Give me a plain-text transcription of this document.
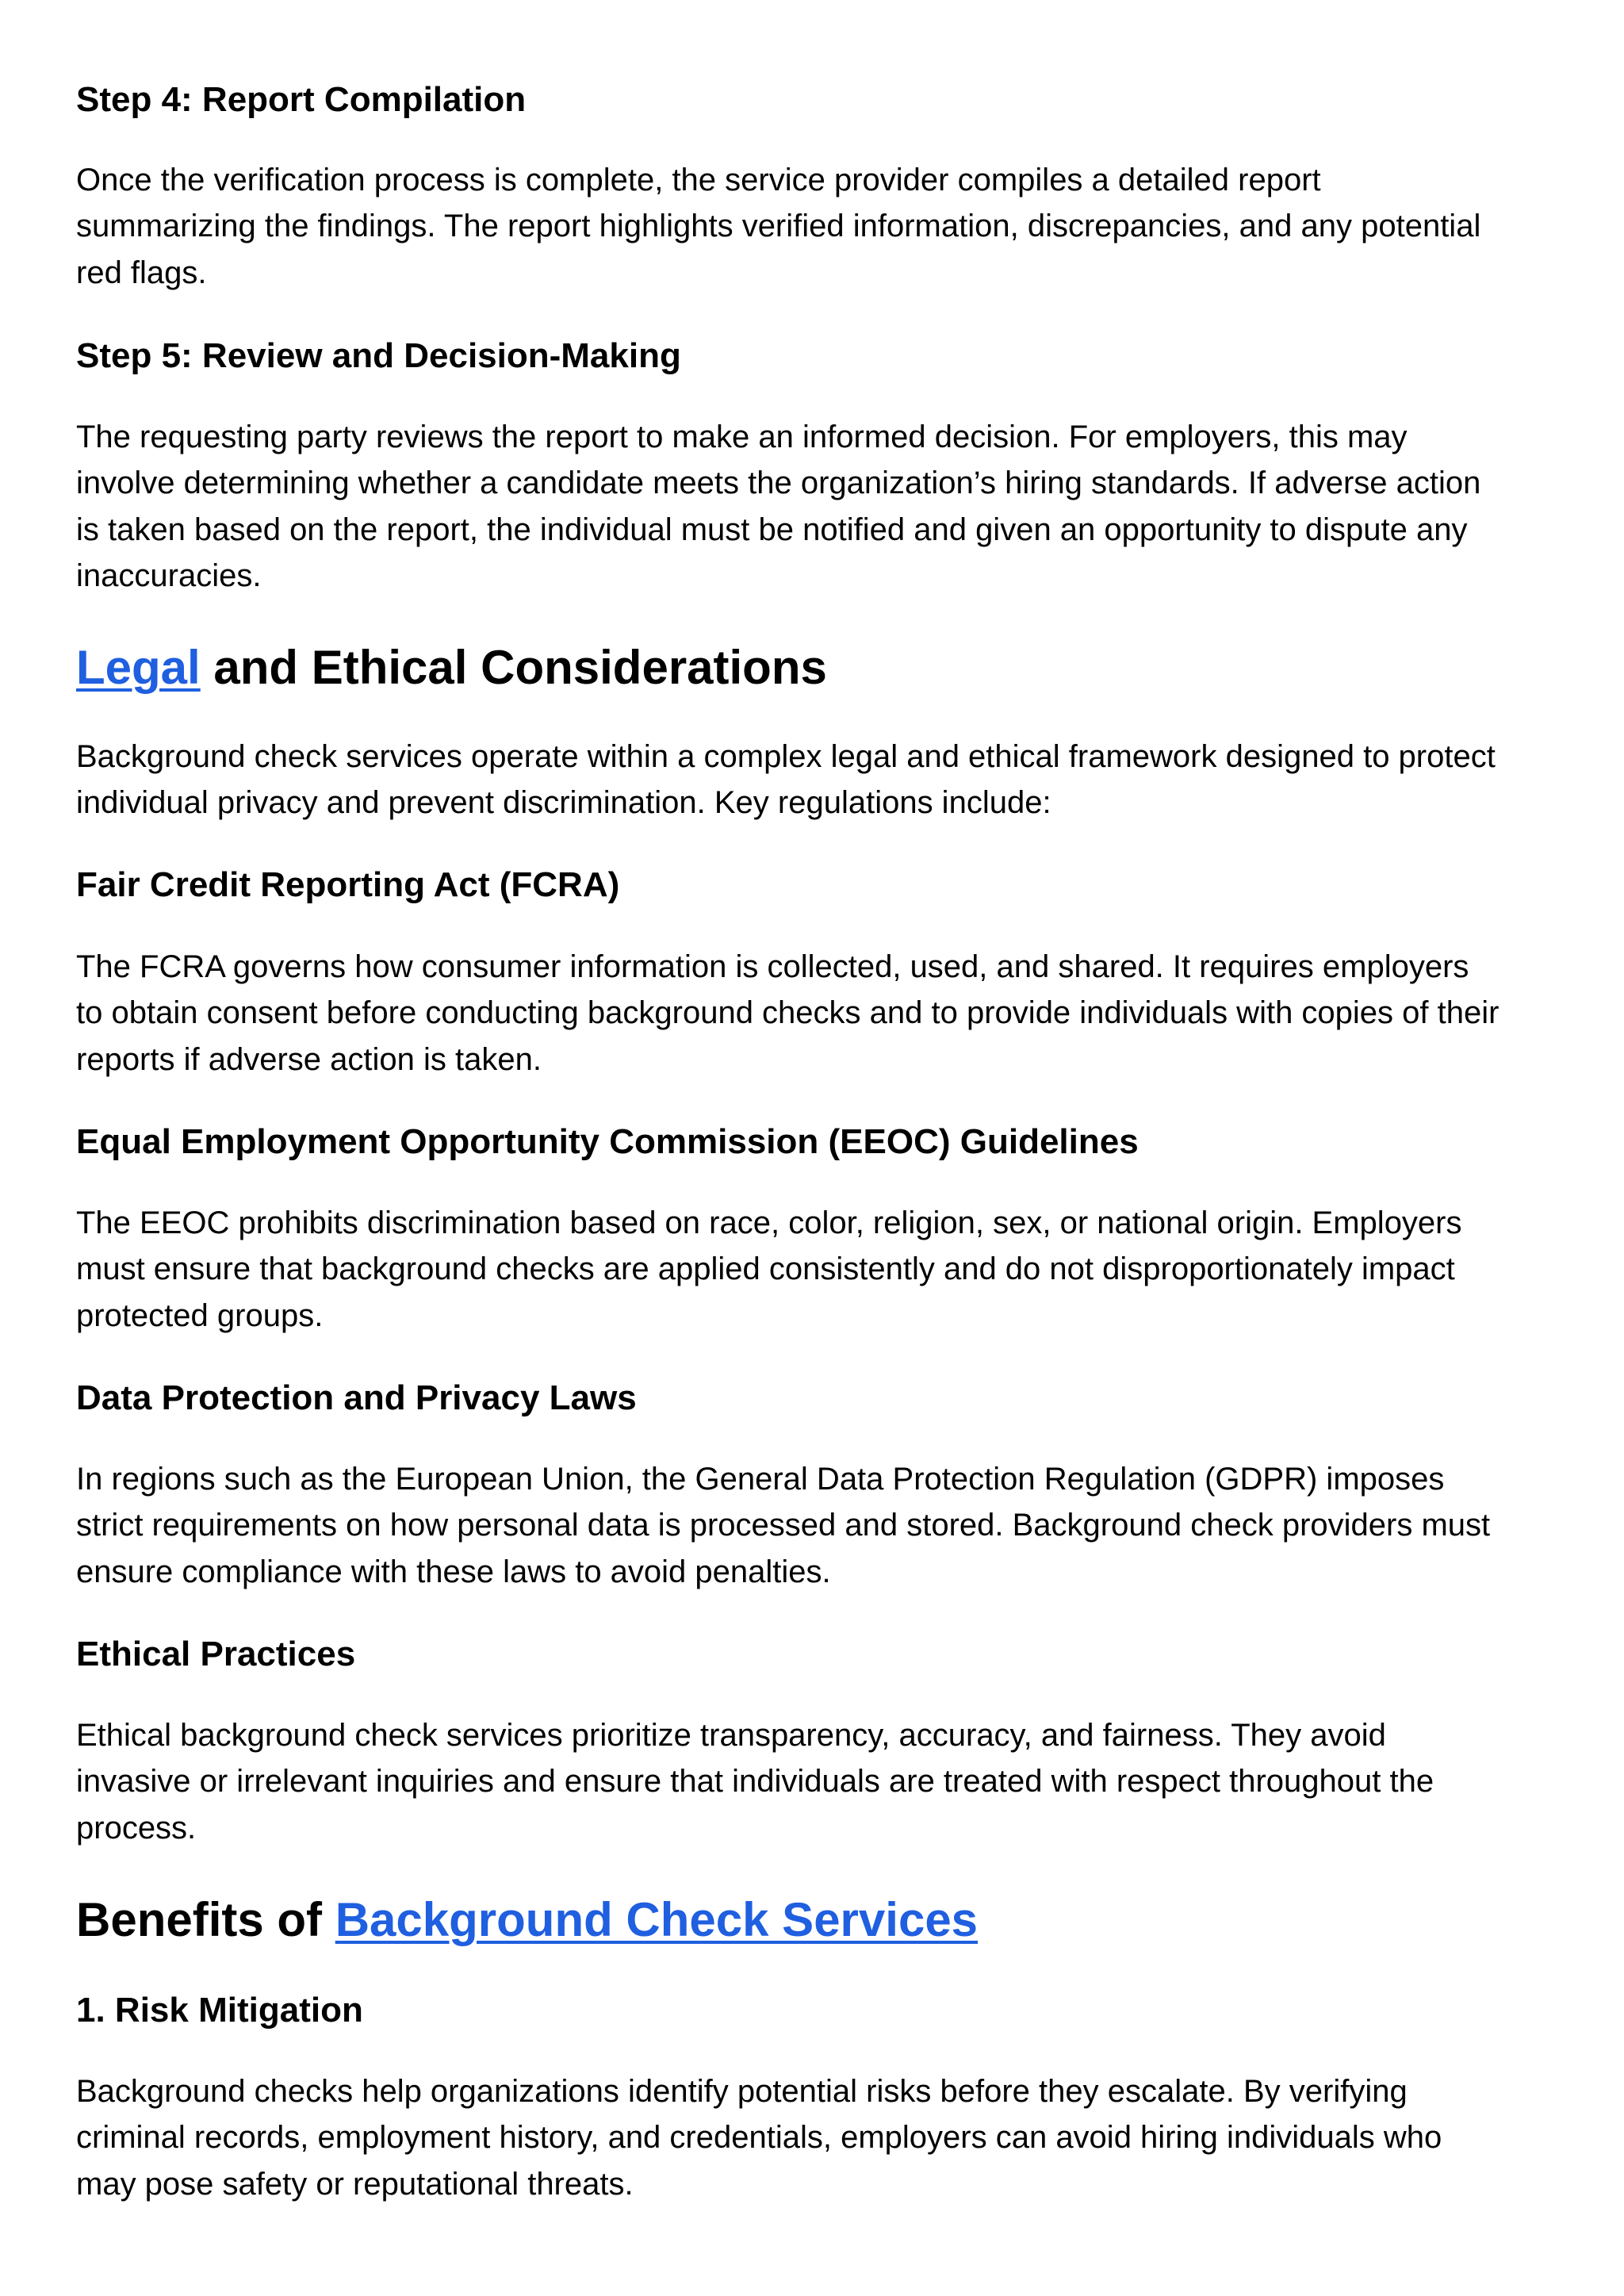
Step 4: Report Compilation
Once the verification process is complete, the service provider compiles a detailed report
summarizing the findings. The report highlights verified information, discrepancies, and any potential
red flags.
Step 5: Review and Decision-Making
The requesting party reviews the report to make an informed decision. For employers, this may
involve determining whether a candidate meets the organization’s hiring standards. If adverse action
is taken based on the report, the individual must be notified and given an opportunity to dispute any
inaccuracies.
Legal and Ethical Considerations
Background check services operate within a complex legal and ethical framework designed to protect
individual privacy and prevent discrimination. Key regulations include:
Fair Credit Reporting Act (FCRA)
The FCRA governs how consumer information is collected, used, and shared. It requires employers
to obtain consent before conducting background checks and to provide individuals with copies of their
reports if adverse action is taken.
Equal Employment Opportunity Commission (EEOC) Guidelines
The EEOC prohibits discrimination based on race, color, religion, sex, or national origin. Employers
must ensure that background checks are applied consistently and do not disproportionately impact
protected groups.
Data Protection and Privacy Laws
In regions such as the European Union, the General Data Protection Regulation (GDPR) imposes
strict requirements on how personal data is processed and stored. Background check providers must
ensure compliance with these laws to avoid penalties.
Ethical Practices
Ethical background check services prioritize transparency, accuracy, and fairness. They avoid
invasive or irrelevant inquiries and ensure that individuals are treated with respect throughout the
process.
Benefits of Background Check Services
1. Risk Mitigation
Background checks help organizations identify potential risks before they escalate. By verifying
criminal records, employment history, and credentials, employers can avoid hiring individuals who
may pose safety or reputational threats.
